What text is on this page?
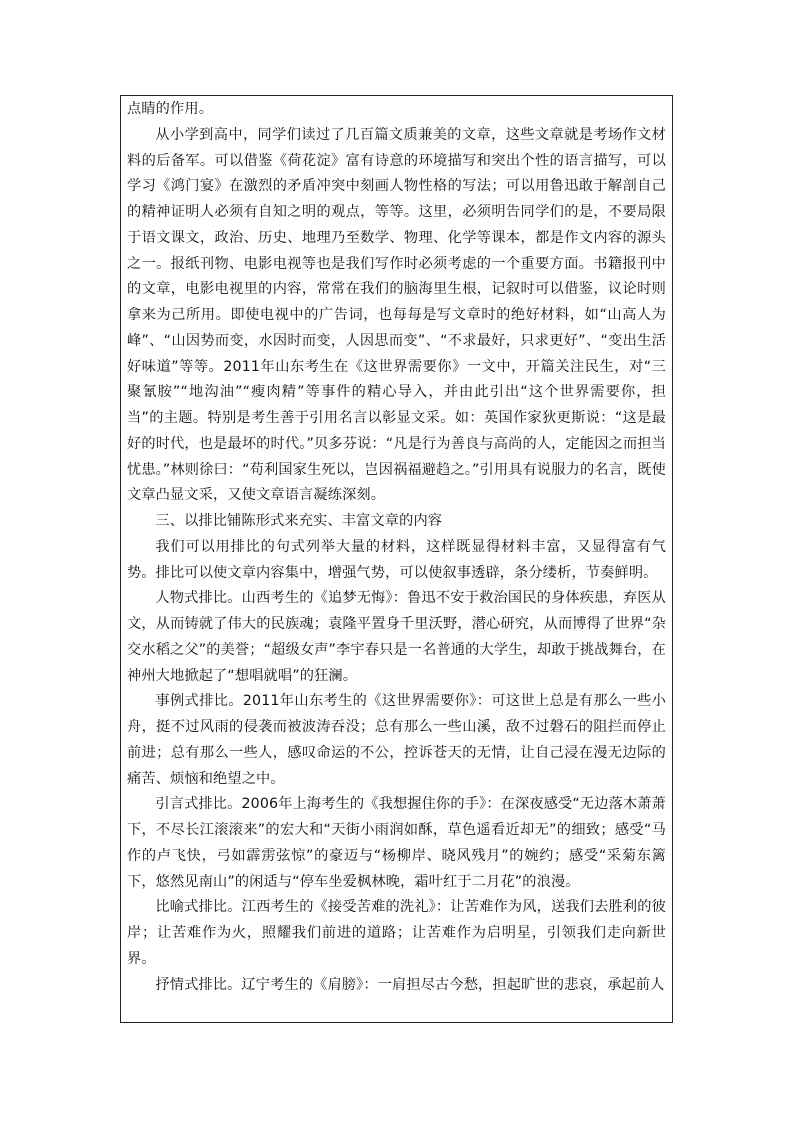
点睛的作用。

从小学到高中，同学们读过了几百篇文质兼美的文章，这些文章就是考场作文材料的后备军。可以借鉴《荷花淀》富有诗意的环境描写和突出个性的语言描写，可以学习《鸿门宴》在激烈的矛盾冲突中刻画人物性格的写法；可以用鲁迅敢于解剖自己的精神证明人必须有自知之明的观点，等等。这里，必须明告同学们的是，不要局限于语文课文，政治、历史、地理乃至数学、物理、化学等课本，都是作文内容的源头之一。报纸刊物、电影电视等也是我们写作时必须考虑的一个重要方面。书籍报刊中的文章，电影电视里的内容，常常在我们的脑海里生根，记叙时可以借鉴，议论时则拿来为己所用。即使电视中的广告词，也每每是写文章时的绝好材料，如“山高人为峰”、“山因势而变，水因时而变，人因思而变”、“不求最好，只求更好”、“变出生活好味道”等等。2011年山东考生在《这世界需要你》一文中，开篇关注民生，对“三聚氰胺”“地沟油”“瘦肉精”等事件的精心导入，并由此引出“这个世界需要你，担当”的主题。特别是考生善于引用名言以彰显文采。如：英国作家狄更斯说：“这是最好的时代，也是最坏的时代。”贝多芬说：“凡是行为善良与高尚的人，定能因之而担当忧患。”林则徐曰：“苟利国家生死以，岂因祸福避趋之。”引用具有说服力的名言，既使文章凸显文采，又使文章语言凝练深刻。

三、以排比铺陈形式来充实、丰富文章的内容

我们可以用排比的句式列举大量的材料，这样既显得材料丰富，又显得富有气势。排比可以使文章内容集中，增强气势，可以使叙事透辟，条分缕析，节奏鲜明。

人物式排比。山西考生的《追梦无悔》：鲁迅不安于救治国民的身体疾患，弃医从文，从而铸就了伟大的民族魂；袁隆平置身千里沃野，潜心研究，从而博得了世界“杂交水稻之父”的美誉；“超级女声”李宇春只是一名普通的大学生，却敢于挑战舞台，在神州大地掀起了“想唱就唱”的狂澜。

事例式排比。2011年山东考生的《这世界需要你》：可这世上总是有那么一些小舟，挺不过风雨的侵袭而被波涛吞没；总有那么一些山溪，敌不过磐石的阻拦而停止前进；总有那么一些人，感叹命运的不公，控诉苍天的无情，让自己浸在漫无边际的痛苦、烦恼和绝望之中。

引言式排比。2006年上海考生的《我想握住你的手》：在深夜感受“无边落木萧萧下，不尽长江滚滚来”的宏大和“天街小雨润如酥，草色遥看近却无”的细致；感受“马作的卢飞快，弓如霹雳弦惊”的豪迈与“杨柳岸、晓风残月”的婉约；感受“采菊东篱下，悠然见南山”的闲适与“停车坐爱枫林晚，霜叶红于二月花”的浪漫。

比喻式排比。江西考生的《接受苦难的洗礼》：让苦难作为风，送我们去胜利的彼岸；让苦难作为火，照耀我们前进的道路；让苦难作为启明星，引领我们走向新世界。

抒情式排比。辽宁考生的《肩膀》：一肩担尽古今愁，担起旷世的悲哀，承起前人
